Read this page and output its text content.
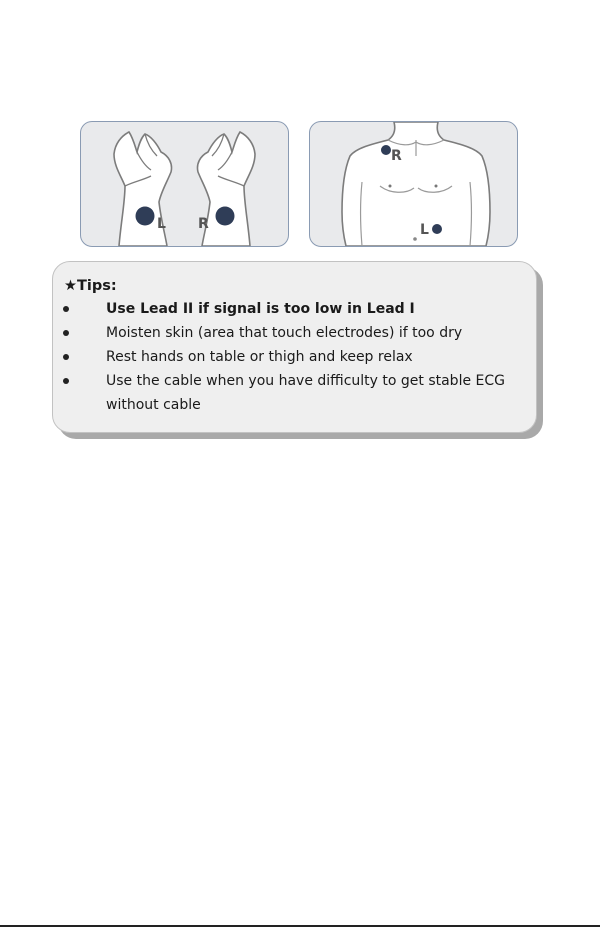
L R
R
L
★Tips:
Use Lead II if signal is too low in Lead I
Moisten skin (area that touch electrodes) if too dry
Rest hands on table or thigh and keep relax
Use the cable when you have difficulty to get stable ECG without cable
